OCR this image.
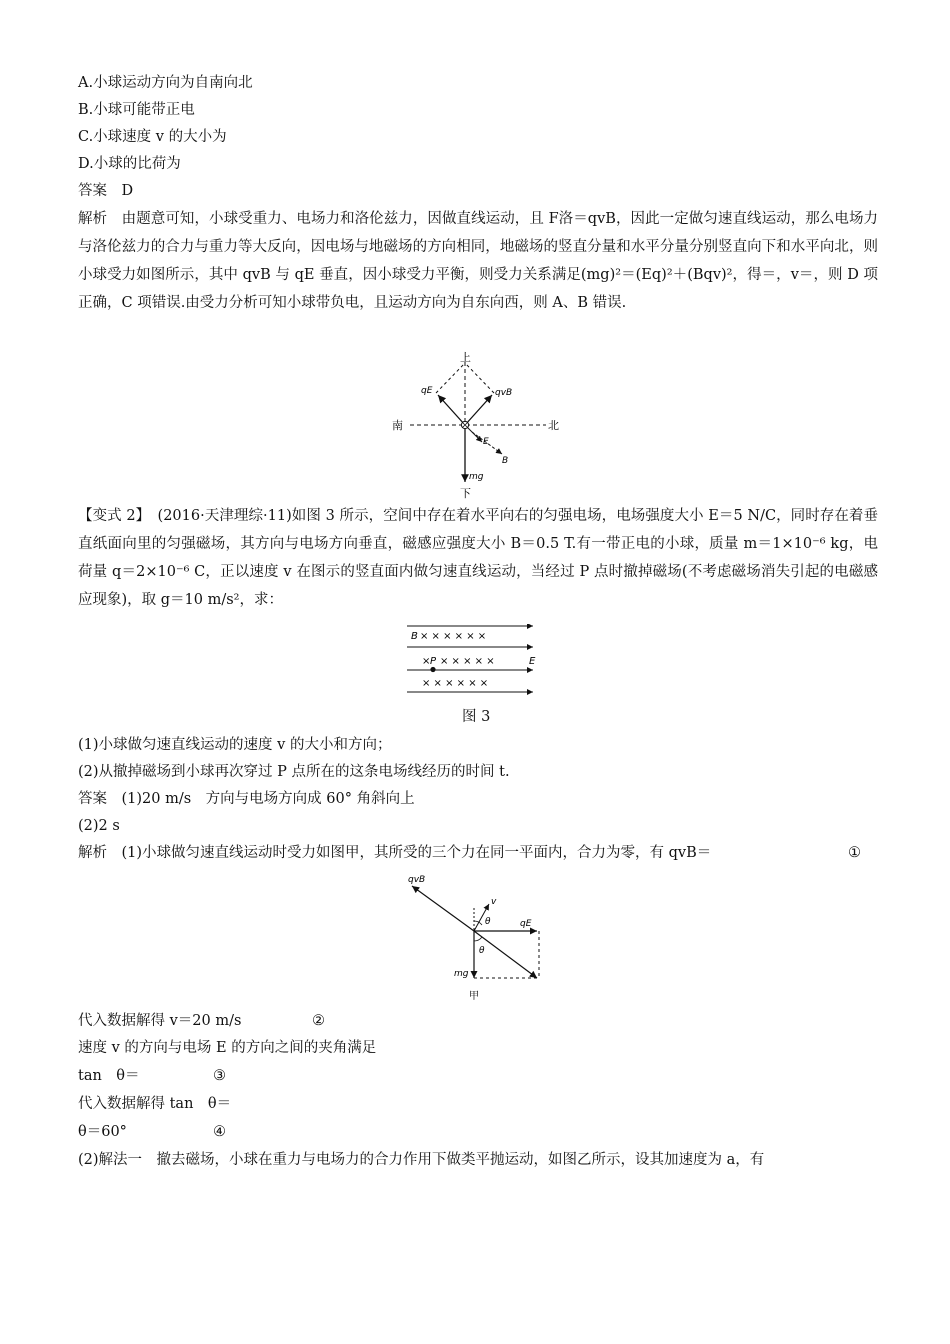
A.小球运动方向为自南向北
B.小球可能带正电
C.小球速度 v 的大小为
D.小球的比荷为
答案　D
解析　由题意可知，小球受重力、电场力和洛伦兹力，因做直线运动，且 F洛＝qvB，因此一定做匀速直线运动，那么电场力与洛伦兹力的合力与重力等大反向，因电场与地磁场的方向相同，地磁场的竖直分量和水平分量分别竖直向下和水平向北，则小球受力如图所示，其中 qvB 与 qE 垂直，因小球受力平衡，则受力关系满足(mg)²＝(Eq)²＋(Bqv)²，得＝，v＝，则 D 项正确，C 项错误.由受力分析可知小球带负电，且运动方向为自东向西，则 A、B 错误.
上
下
南	北
qE	qvB
E
B
mg
【变式 2】　(2016·天津理综·11)如图 3 所示，空间中存在着水平向右的匀强电场，电场强度大小 E＝5 N/C，同时存在着垂直纸面向里的匀强磁场，其方向与电场方向垂直，磁感应强度大小 B＝0.5 T.有一带正电的小球，质量 m＝1×10⁻⁶ kg，电荷量 q＝2×10⁻⁶ C，正以速度 v 在图示的竖直面内做匀速直线运动，当经过 P 点时撤掉磁场(不考虑磁场消失引起的电磁感应现象)，取 g＝10 m/s²，求：
B × × × × × ×
× P × × × × ×	E
× × × × × ×
图 3
(1)小球做匀速直线运动的速度 v 的大小和方向；
(2)从撤掉磁场到小球再次穿过 P 点所在的这条电场线经历的时间 t.
答案　(1)20 m/s　方向与电场方向成 60° 角斜向上
(2)2 s
解析　(1)小球做匀速直线运动时受力如图甲，其所受的三个力在同一平面内，合力为零，有 qvB＝	①
qvB
v
qE
θ
θ
mg
甲
代入数据解得 v＝20 m/s	②
速度 v 的方向与电场 E 的方向之间的夹角满足
tan　θ＝	③
代入数据解得 tan　θ＝
θ＝60°	④
(2)解法一　撤去磁场，小球在重力与电场力的合力作用下做类平抛运动，如图乙所示，设其加速度为 a，有
